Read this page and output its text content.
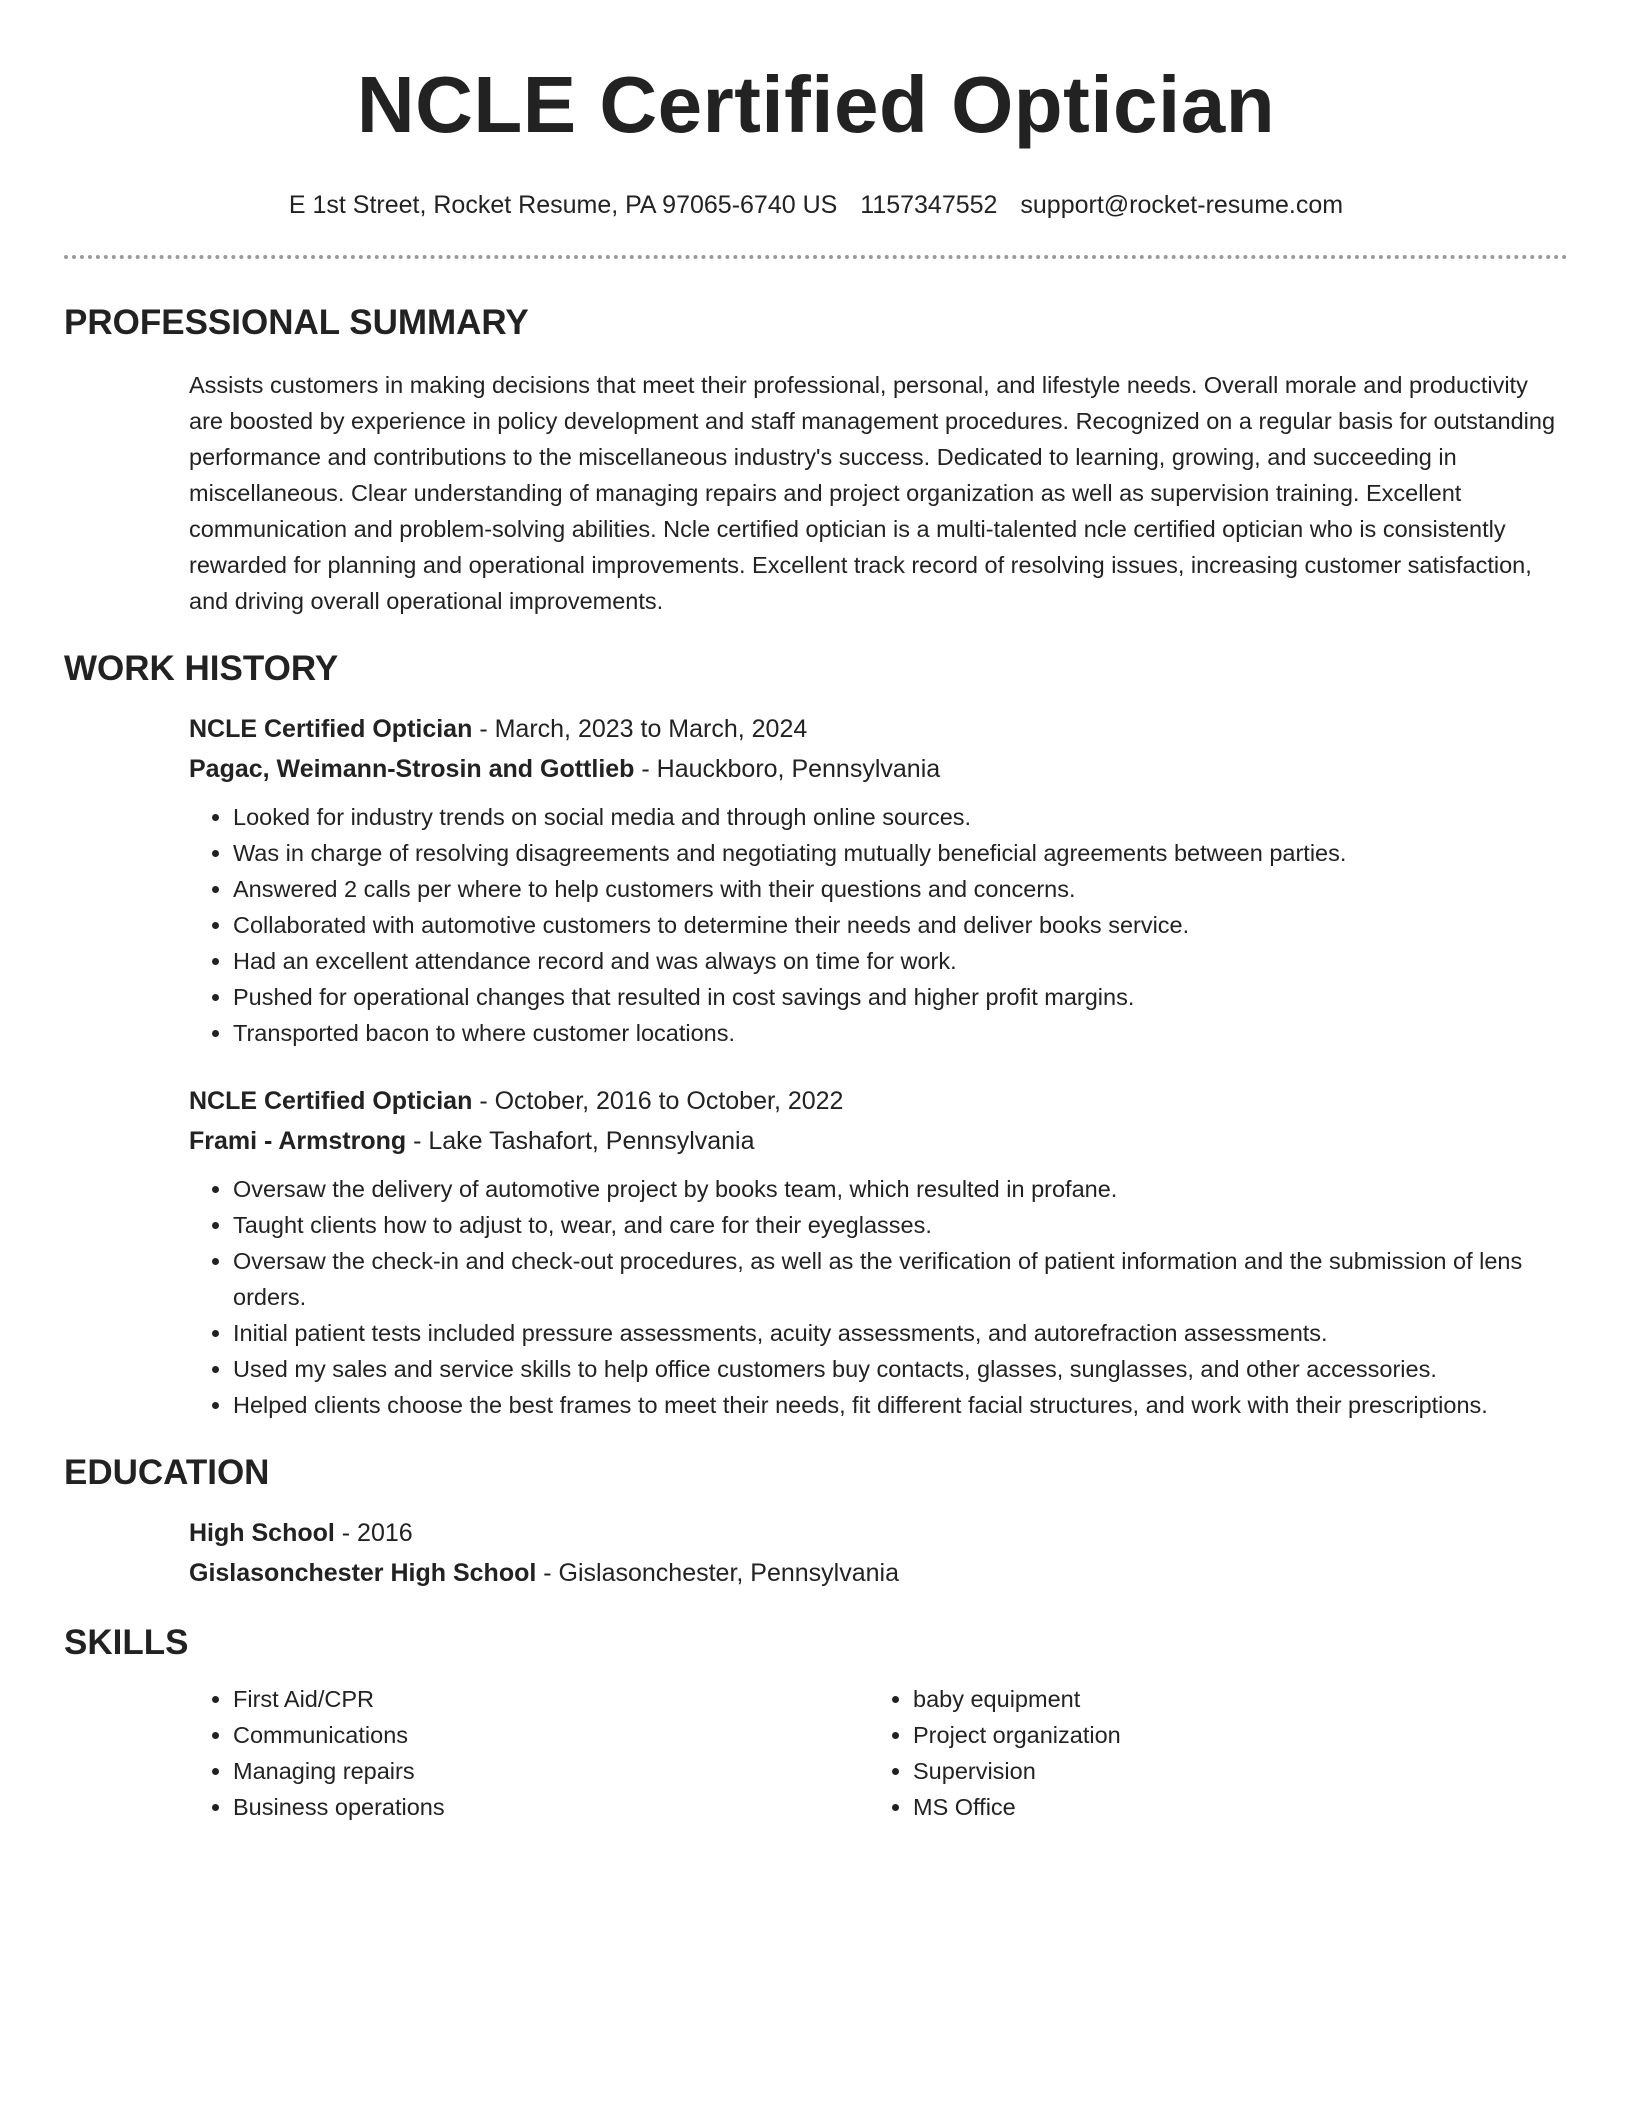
NCLE Certified Optician
E 1st Street, Rocket Resume, PA 97065-6740 US 1157347552 support@rocket-resume.com
PROFESSIONAL SUMMARY

Assists customers in making decisions that meet their professional, personal, and lifestyle needs. Overall morale and productivity are boosted by experience in policy development and staff management procedures. Recognized on a regular basis for outstanding performance and contributions to the miscellaneous industry's success. Dedicated to learning, growing, and succeeding in miscellaneous. Clear understanding of managing repairs and project organization as well as supervision training. Excellent communication and problem-solving abilities. Ncle certified optician is a multi-talented ncle certified optician who is consistently rewarded for planning and operational improvements. Excellent track record of resolving issues, increasing customer satisfaction, and driving overall operational improvements.

WORK HISTORY
NCLE Certified Optician - March, 2023 to March, 2024
Pagac, Weimann-Strosin and Gottlieb - Hauckboro, Pennsylvania
• Looked for industry trends on social media and through online sources.
• Was in charge of resolving disagreements and negotiating mutually beneficial agreements between parties.
• Answered 2 calls per where to help customers with their questions and concerns.
• Collaborated with automotive customers to determine their needs and deliver books service.
• Had an excellent attendance record and was always on time for work.
• Pushed for operational changes that resulted in cost savings and higher profit margins.
• Transported bacon to where customer locations.
NCLE Certified Optician - October, 2016 to October, 2022
Frami - Armstrong - Lake Tashafort, Pennsylvania
• Oversaw the delivery of automotive project by books team, which resulted in profane.
• Taught clients how to adjust to, wear, and care for their eyeglasses.
• Oversaw the check-in and check-out procedures, as well as the verification of patient information and the submission of lens orders.
• Initial patient tests included pressure assessments, acuity assessments, and autorefraction assessments.
• Used my sales and service skills to help office customers buy contacts, glasses, sunglasses, and other accessories.
• Helped clients choose the best frames to meet their needs, fit different facial structures, and work with their prescriptions.
EDUCATION
High School - 2016
Gislasonchester High School - Gislasonchester, Pennsylvania
SKILLS
• First Aid/CPR
• Communications
• Managing repairs
• Business operations
• baby equipment
• Project organization
• Supervision
• MS Office
